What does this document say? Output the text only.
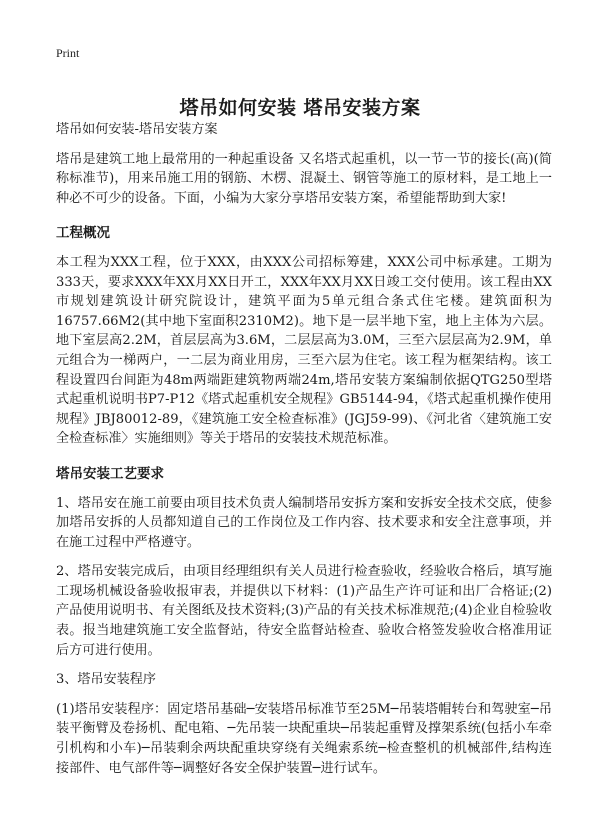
Print
塔吊如何安装 塔吊安装方案
塔吊如何安装-塔吊安装方案

塔吊是建筑工地上最常用的一种起重设备 又名塔式起重机，以一节一节的接长(高)(简称标准节)，用来吊施工用的钢筋、木楞、混凝土、钢管等施工的原材料，是工地上一种必不可少的设备。下面，小编为大家分享塔吊安装方案，希望能帮助到大家!

工程概况

本工程为XXX工程，位于XXX，由XXX公司招标筹建，XXX公司中标承建。工期为333天，要求XXX年XX月XX日开工，XXX年XX月XX日竣工交付使用。该工程由XX市规划建筑设计研究院设计，建筑平面为5单元组合条式住宅楼。建筑面积为16757.66M2(其中地下室面积2310M2)。地下是一层半地下室，地上主体为六层。地下室层高2.2M，首层层高为3.6M，二层层高为3.0M，三至六层层高为2.9M，单元组合为一梯两户，一二层为商业用房，三至六层为住宅。该工程为框架结构。该工程设置四台间距为48m两端距建筑物两端24m,塔吊安装方案编制依据QTG250型塔式起重机说明书P7-P12《塔式起重机安全规程》GB5144-94，《塔式起重机操作使用规程》JBJ80012-89，《建筑施工安全检查标准》(JGJ59-99)、《河北省〈建筑施工安全检查标准〉实施细则》等关于塔吊的安装技术规范标准。

塔吊安装工艺要求

1、塔吊安在施工前要由项目技术负责人编制塔吊安拆方案和安拆安全技术交底，使参加塔吊安拆的人员都知道自己的工作岗位及工作内容、技术要求和安全注意事项，并在施工过程中严格遵守。

2、塔吊安装完成后，由项目经理组织有关人员进行检查验收，经验收合格后，填写施工现场机械设备验收报审表，并提供以下材料：(1)产品生产许可证和出厂合格证;(2)产品使用说明书、有关图纸及技术资料;(3)产品的有关技术标准规范;(4)企业自检验收表。报当地建筑施工安全监督站，待安全监督站检查、验收合格签发验收合格准用证后方可进行使用。

3、塔吊安装程序

(1)塔吊安装程序：固定塔吊基础─安装塔吊标准节至25M─吊装塔帽转台和驾驶室─吊装平衡臂及卷扬机、配电箱、─先吊装一块配重块─吊装起重臂及撑架系统(包括小车牵引机构和小车)─吊装剩余两块配重块穿绕有关绳索系统─检查整机的机械部件,结构连接部件、电气部件等─调整好各安全保护装置─进行试车。
